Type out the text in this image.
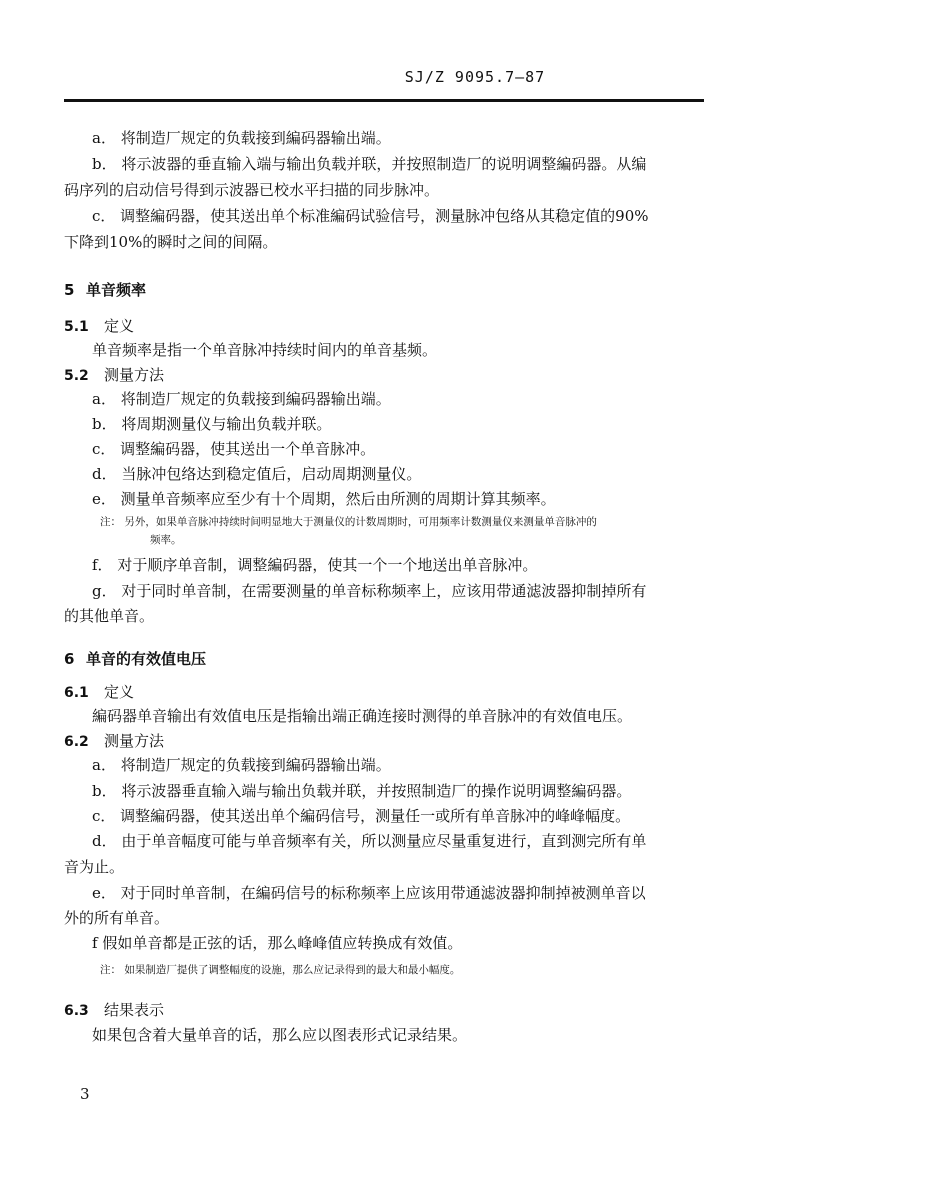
SJ/Z 9095.7—87
a． 将制造厂规定的负载接到編码器输出端。
b． 将示波器的垂直输入端与输出负载并联，并按照制造厂的说明调整編码器。从编
码序列的启动信号得到示波器已校水平扫描的同步脉冲。
c． 调整編码器，使其送出单个标准編码试验信号，测量脉冲包络从其稳定值的90%
下降到10%的瞬时之间的间隔。
5 单音频率
5.1 定义
单音频率是指一个单音脉冲持续时间内的单音基频。
5.2 测量方法
a． 将制造厂规定的负载接到編码器输出端。
b． 将周期测量仪与输出负载并联。
c． 调整編码器，使其送出一个单音脉冲。
d． 当脉冲包络达到稳定值后，启动周期测量仪。
e． 测量单音频率应至少有十个周期，然后由所测的周期计算其频率。
注： 另外，如果单音脉冲持续时间明显地大于测量仪的计数周期时，可用频率计数测量仪来测量单音脉冲的
频率。
f． 对于顺序单音制，调整編码器，使其一个一个地送出单音脉冲。
g． 对于同时单音制，在需要测量的单音标称频率上，应该用带通滤波器抑制掉所有
的其他单音。
6 单音的有效值电压
6.1 定义
編码器单音输出有效值电压是指输出端正确连接时测得的单音脉冲的有效值电压。
6.2 测量方法
a． 将制造厂规定的负载接到編码器输出端。
b． 将示波器垂直输入端与输出负载并联，并按照制造厂的操作说明调整編码器。
c． 调整編码器，使其送出单个編码信号，测量任一或所有单音脉冲的峰峰幅度。
d． 由于单音幅度可能与单音频率有关，所以测量应尽量重复进行，直到测完所有单
音为止。
e． 对于同时单音制，在編码信号的标称频率上应该用带通滤波器抑制掉被测单音以
外的所有单音。
f 假如单音都是正弦的话，那么峰峰值应转换成有效值。
注： 如果制造厂提供了调整幅度的设施，那么应记录得到的最大和最小幅度。
6.3 结果表示
如果包含着大量单音的话，那么应以图表形式记录结果。
3
